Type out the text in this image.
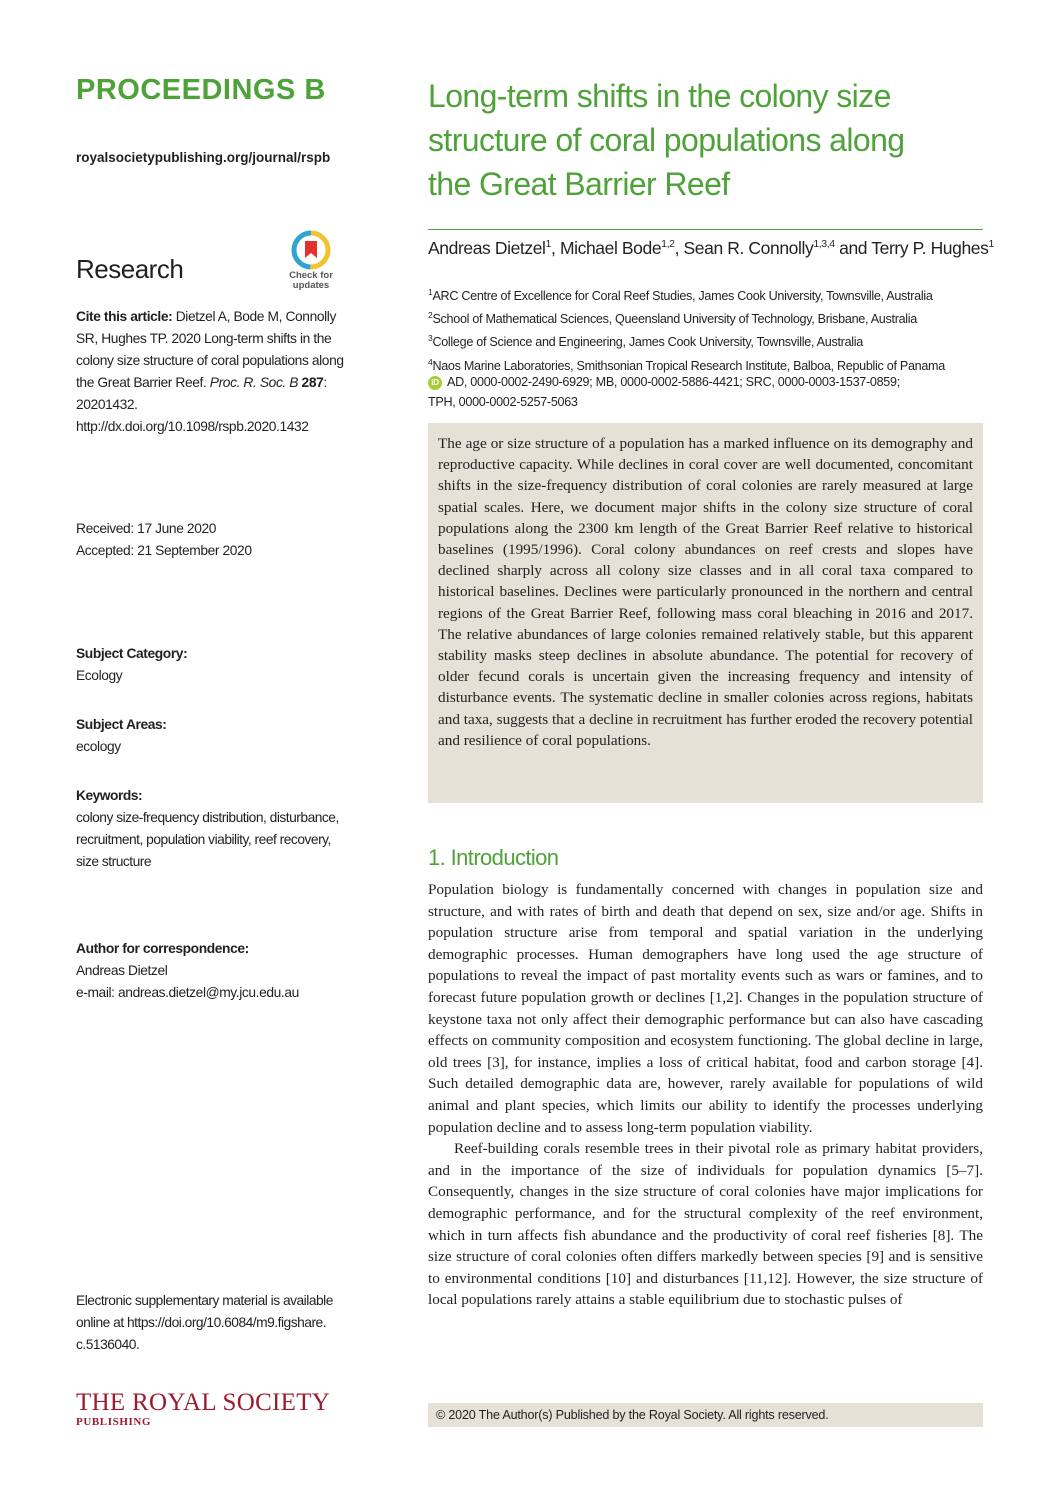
PROCEEDINGS B
royalsocietypublishing.org/journal/rspb
Research	Check for
updates
Cite this article: Dietzel A, Bode M, Connolly SR, Hughes TP. 2020 Long-term shifts in the colony size structure of coral populations along the Great Barrier Reef. Proc. R. Soc. B 287: 20201432.
http://dx.doi.org/10.1098/rspb.2020.1432
Received: 17 June 2020
Accepted: 21 September 2020
Subject Category:
Ecology
Subject Areas:
ecology
Keywords:
colony size-frequency distribution, disturbance,
recruitment, population viability, reef recovery,
size structure
Author for correspondence:
Andreas Dietzel
e-mail: andreas.dietzel@my.jcu.edu.au
Electronic supplementary material is available
online at https://doi.org/10.6084/m9.figshare.
c.5136040.
THE ROYAL SOCIETY
PUBLISHING
Long-term shifts in the colony size
structure of coral populations along
the Great Barrier Reef
Andreas Dietzel$^1$, Michael Bode$^{1,2}$, Sean R. Connolly$^{1,3,4}$ and Terry P. Hughes$^1$
$^1$ARC Centre of Excellence for Coral Reef Studies, James Cook University, Townsville, Australia
$^2$School of Mathematical Sciences, Queensland University of Technology, Brisbane, Australia
$^3$College of Science and Engineering, James Cook University, Townsville, Australia
$^4$Naos Marine Laboratories, Smithsonian Tropical Research Institute, Balboa, Republic of Panama
iD AD, 0000-0002-2490-6929; MB, 0000-0002-5886-4421; SRC, 0000-0003-1537-0859;
TPH, 0000-0002-5257-5063
The age or size structure of a population has a marked influence on its demography and reproductive capacity. While declines in coral cover are well documented, concomitant shifts in the size-frequency distribution of coral colonies are rarely measured at large spatial scales. Here, we document major shifts in the colony size structure of coral populations along the 2300 km length of the Great Barrier Reef relative to historical baselines (1995/1996). Coral colony abundances on reef crests and slopes have declined sharply across all colony size classes and in all coral taxa compared to historical baselines. Declines were particularly pronounced in the northern and central regions of the Great Barrier Reef, following mass coral bleaching in 2016 and 2017. The relative abundances of large colonies remained relatively stable, but this apparent stability masks steep declines in absolute abundance. The potential for recovery of older fecund corals is uncertain given the increasing frequency and intensity of disturbance events. The systematic decline in smaller colonies across regions, habitats and taxa, suggests that a decline in recruitment has further eroded the recovery potential and resilience of coral populations.
1. Introduction

Population biology is fundamentally concerned with changes in population size and structure, and with rates of birth and death that depend on sex, size and/or age. Shifts in population structure arise from temporal and spatial variation in the underlying demographic processes. Human demographers have long used the age structure of populations to reveal the impact of past mortality events such as wars or famines, and to forecast future population growth or declines [1,2]. Changes in the population structure of keystone taxa not only affect their demographic performance but can also have cascading effects on community composition and ecosystem functioning. The global decline in large, old trees [3], for instance, implies a loss of critical habitat, food and carbon storage [4]. Such detailed demographic data are, however, rarely available for populations of wild animal and plant species, which limits our ability to identify the processes underlying population decline and to assess long-term population viability.

Reef-building corals resemble trees in their pivotal role as primary habitat providers, and in the importance of the size of individuals for population dynamics [5–7]. Consequently, changes in the size structure of coral colonies have major implications for demographic performance, and for the structural complexity of the reef environment, which in turn affects fish abundance and the productivity of coral reef fisheries [8]. The size structure of coral colonies often differs markedly between species [9] and is sensitive to environmental conditions [10] and disturbances [11,12]. However, the size structure of local populations rarely attains a stable equilibrium due to stochastic pulses of

© 2020 The Author(s) Published by the Royal Society. All rights reserved.
